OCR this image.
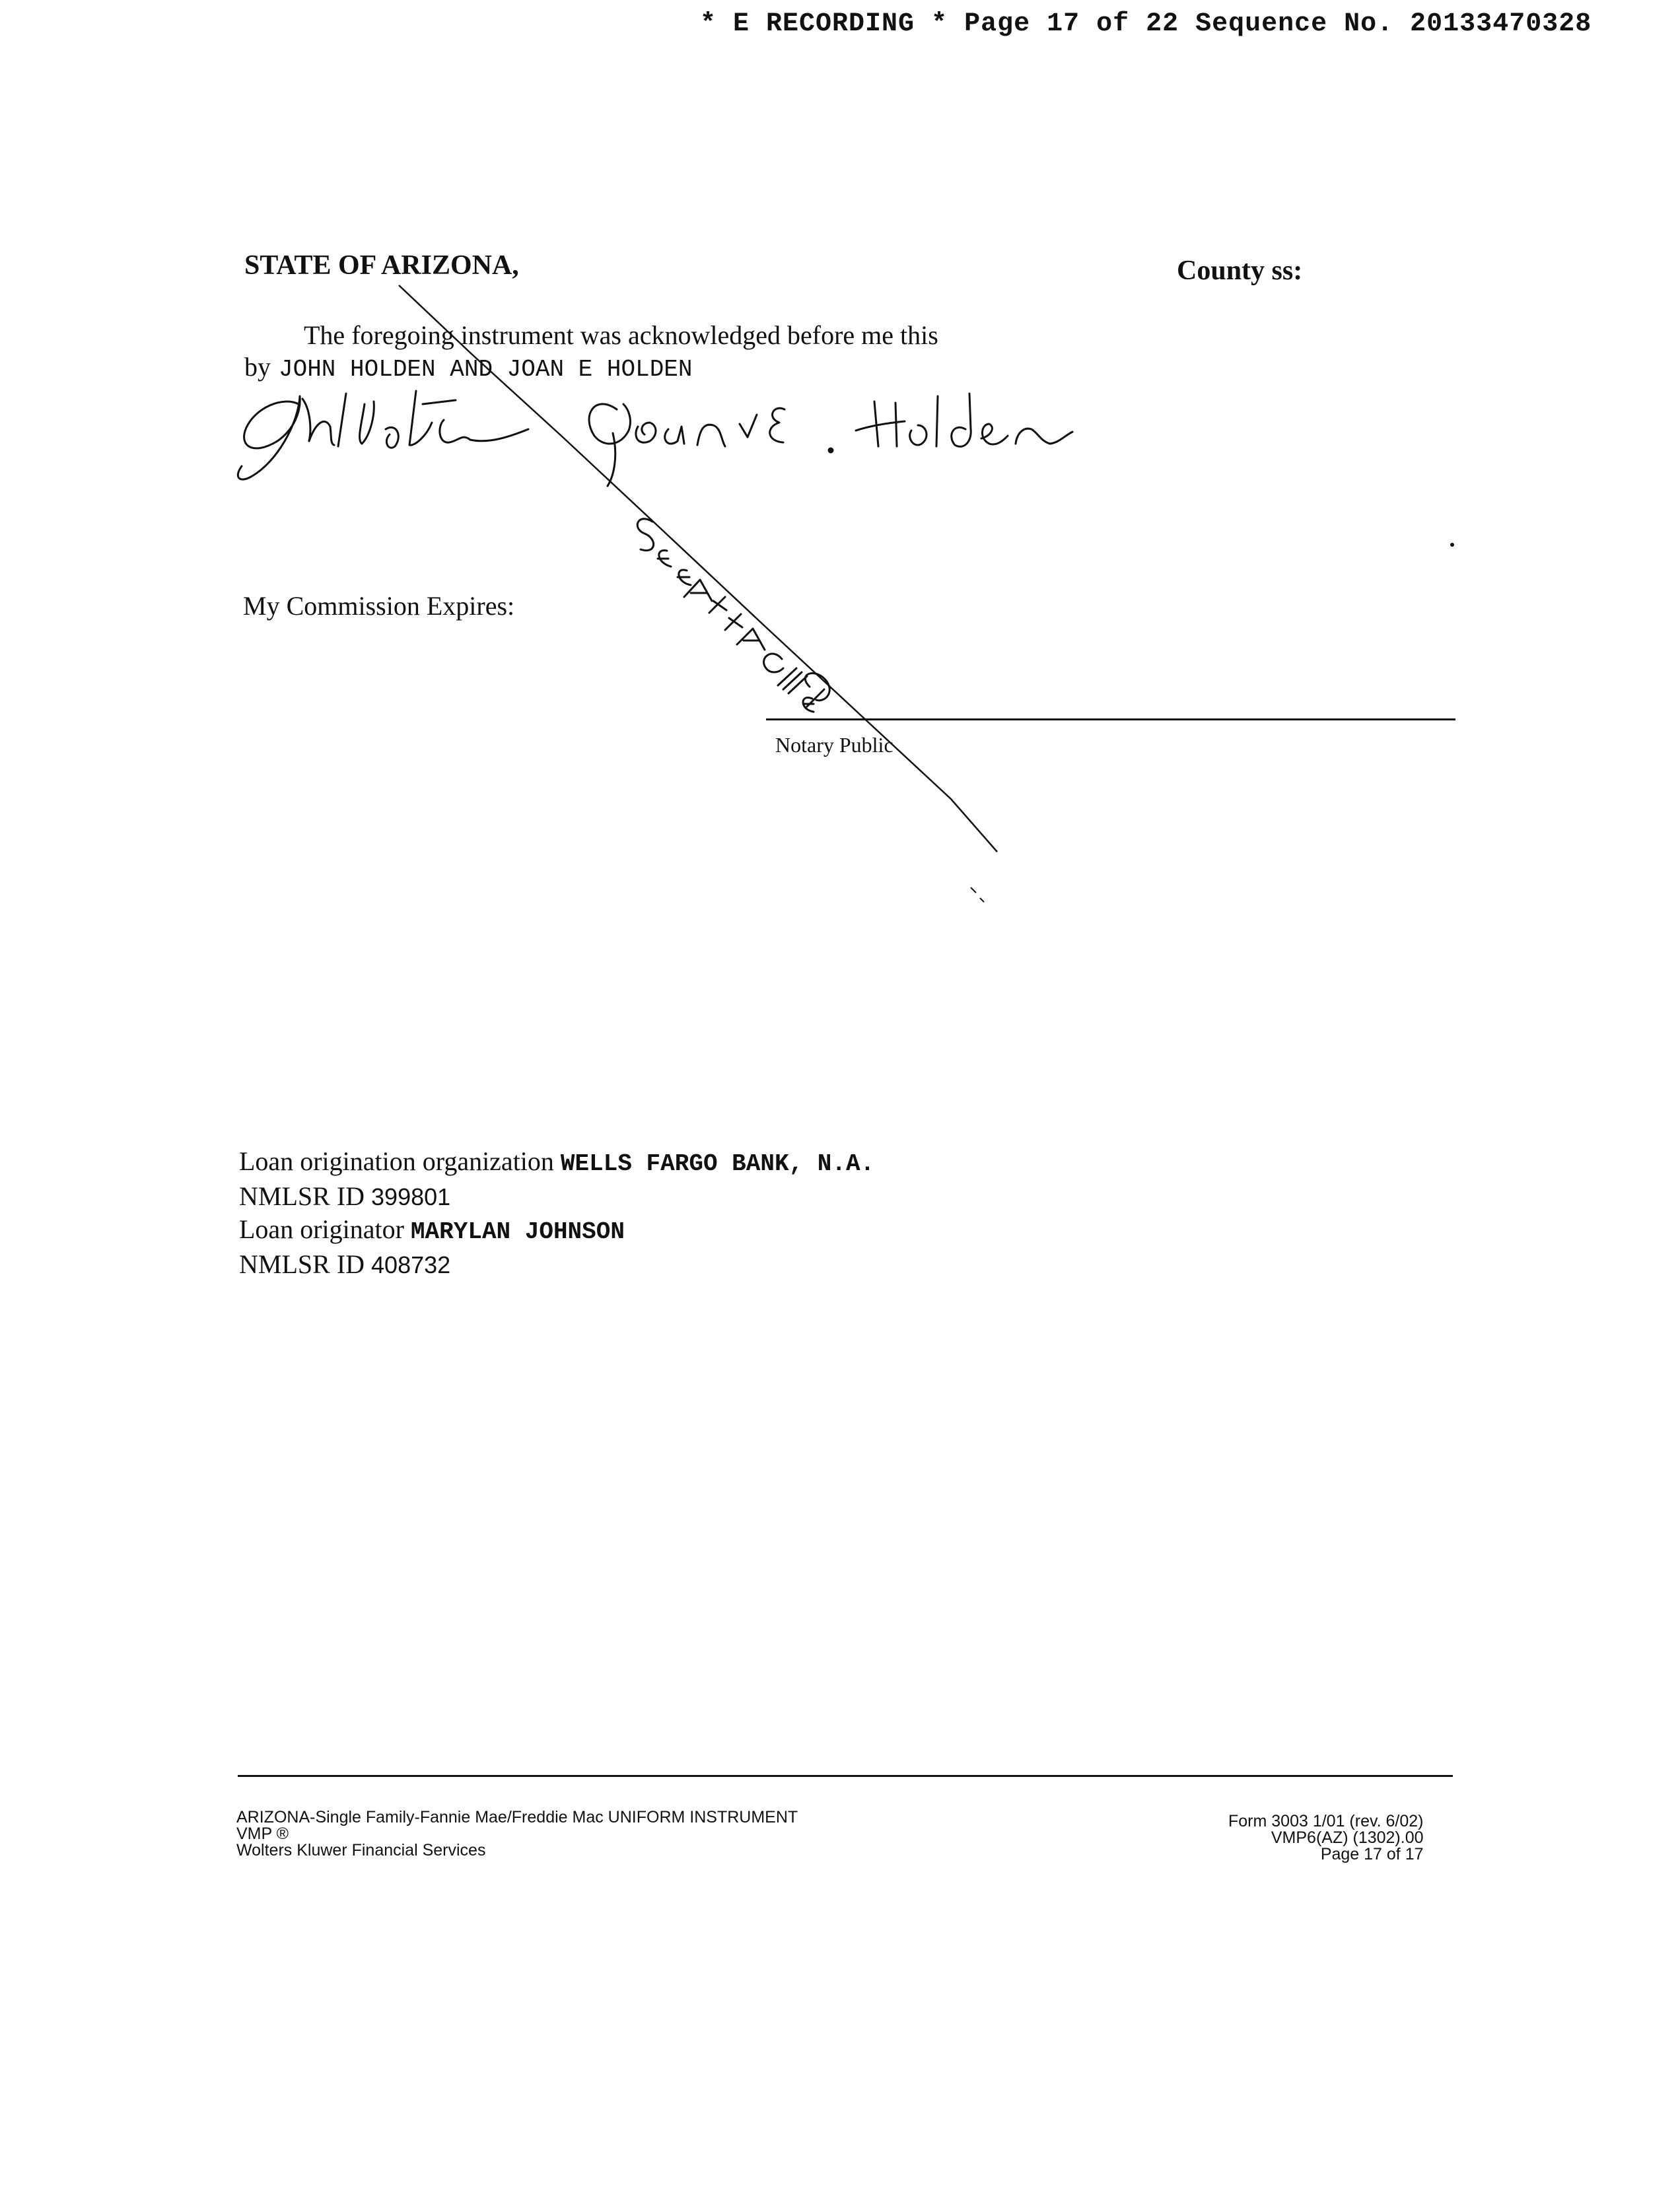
* E RECORDING * Page 17 of 22 Sequence No. 20133470328
STATE OF ARIZONA,	County ss:
The foregoing instrument was acknowledged before me this
by JOHN HOLDEN AND JOAN E HOLDEN
My Commission Expires:
Notary Public
Loan origination organization WELLS FARGO BANK, N.A.
NMLSR ID 399801
Loan originator MARYLAN JOHNSON
NMLSR ID 408732
ARIZONA-Single Family-Fannie Mae/Freddie Mac UNIFORM INSTRUMENT
VMP ®
Wolters Kluwer Financial Services
Form 3003 1/01 (rev. 6/02)
VMP6(AZ) (1302).00
Page 17 of 17
